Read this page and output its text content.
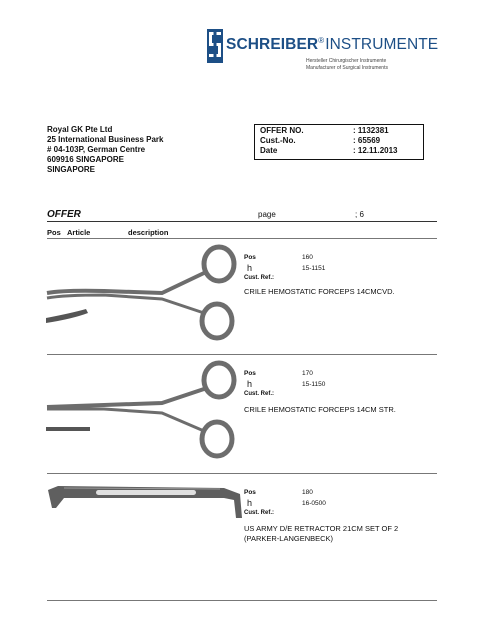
SCHREIBER®INSTRUMENTE
Hersteller Chirurgischer Instrumente
Manufacturer of Surgical Instruments
Royal GK Pte Ltd
25 International Business Park
# 04-103P, German Centre
609916 SINGAPORE
SINGAPORE
OFFER NO.	: 1132381
Cust.-No.	: 65569
Date	: 12.11.2013
OFFER	page	; 6
Pos Article	description
Pos	160
h	15-1151
Cust. Ref.:
CRILE HEMOSTATIC FORCEPS 14CMCVD.
Pos	170
h	15-1150
Cust. Ref.:
CRILE HEMOSTATIC FORCEPS 14CM STR.
Pos	180
h	16-0500
Cust. Ref.:
US ARMY D/E RETRACTOR 21CM SET OF 2
(PARKER-LANGENBECK)
